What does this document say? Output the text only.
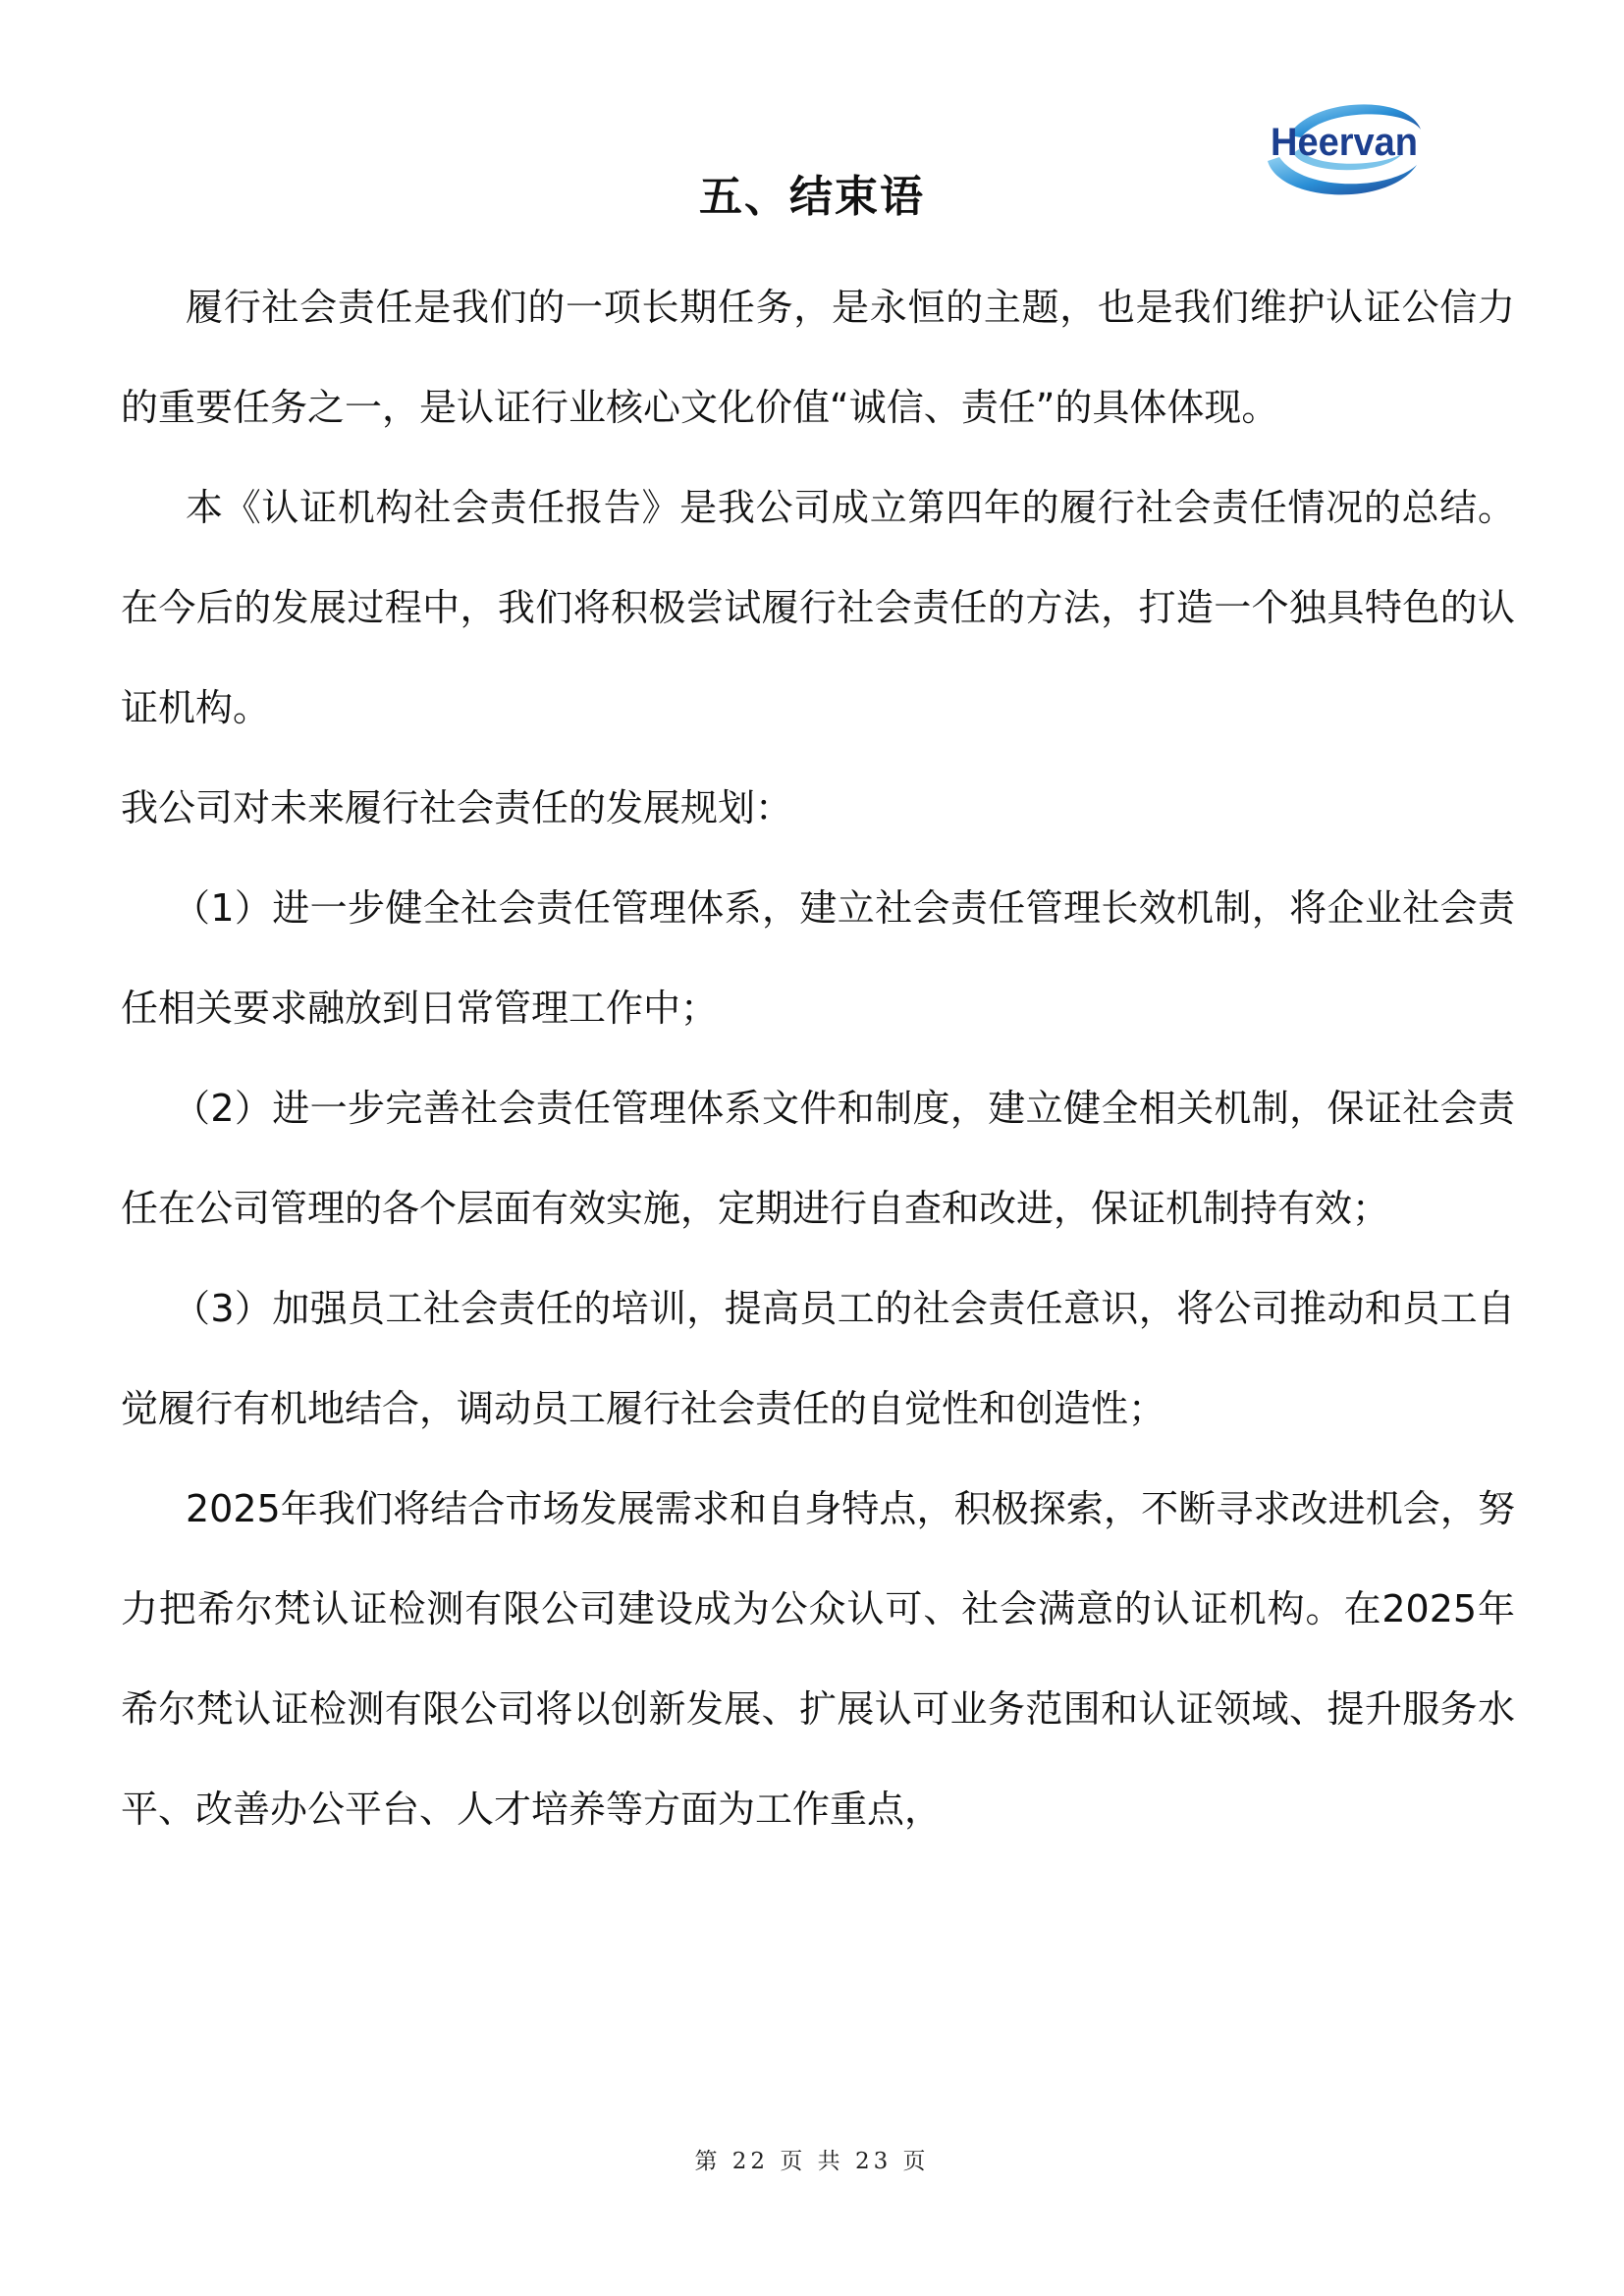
Heervan
五、结束语

履行社会责任是我们的一项长期任务，是永恒的主题，也是我们维护认证公信力的重要任务之一，是认证行业核心文化价值“诚信、责任”的具体体现。

本《认证机构社会责任报告》是我公司成立第四年的履行社会责任情况的总结。在今后的发展过程中，我们将积极尝试履行社会责任的方法，打造一个独具特色的认证机构。

我公司对未来履行社会责任的发展规划：

（1）进一步健全社会责任管理体系，建立社会责任管理长效机制，将企业社会责任相关要求融放到日常管理工作中；

（2）进一步完善社会责任管理体系文件和制度，建立健全相关机制，保证社会责任在公司管理的各个层面有效实施，定期进行自查和改进，保证机制持有效；

（3）加强员工社会责任的培训，提高员工的社会责任意识，将公司推动和员工自觉履行有机地结合，调动员工履行社会责任的自觉性和创造性；

2025年我们将结合市场发展需求和自身特点，积极探索，不断寻求改进机会，努力把希尔梵认证检测有限公司建设成为公众认可、社会满意的认证机构。在2025年希尔梵认证检测有限公司将以创新发展、扩展认可业务范围和认证领域、提升服务水平、改善办公平台、人才培养等方面为工作重点，

第 22 页 共 23 页
